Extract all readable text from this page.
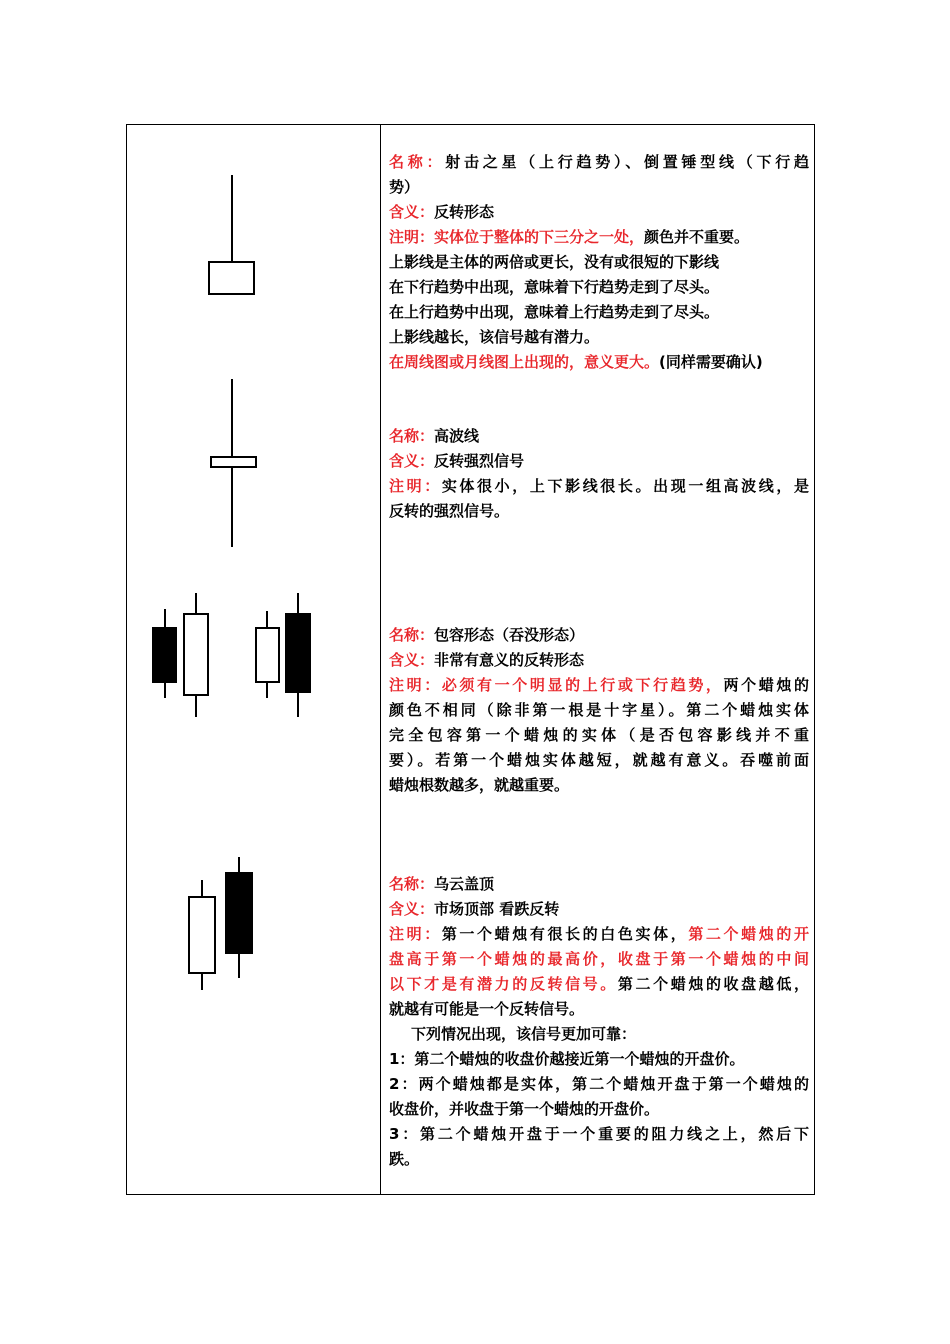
名称：射击之星（上行趋势）、倒置锤型线（下行趋
势）
含义：反转形态
注明：实体位于整体的下三分之一处，颜色并不重要。
上影线是主体的两倍或更长，没有或很短的下影线
在下行趋势中出现，意味着下行趋势走到了尽头。
在上行趋势中出现，意味着上行趋势走到了尽头。
上影线越长，该信号越有潜力。
在周线图或月线图上出现的，意义更大。(同样需要确认)
名称：高波线
含义：反转强烈信号
注明：实体很小，上下影线很长。出现一组高波线，是
反转的强烈信号。
名称：包容形态（吞没形态）
含义：非常有意义的反转形态
注明：必须有一个明显的上行或下行趋势，两个蜡烛的
颜色不相同（除非第一根是十字星）。第二个蜡烛实体
完全包容第一个蜡烛的实体（是否包容影线并不重
要）。若第一个蜡烛实体越短，就越有意义。吞噬前面
蜡烛根数越多，就越重要。
名称：乌云盖顶
含义：市场顶部 看跌反转
注明：第一个蜡烛有很长的白色实体，第二个蜡烛的开
盘高于第一个蜡烛的最高价，收盘于第一个蜡烛的中间
以下才是有潜力的反转信号。第二个蜡烛的收盘越低，
就越有可能是一个反转信号。
下列情况出现，该信号更加可靠：
1：第二个蜡烛的收盘价越接近第一个蜡烛的开盘价。
2：两个蜡烛都是实体，第二个蜡烛开盘于第一个蜡烛的
收盘价，并收盘于第一个蜡烛的开盘价。
3：第二个蜡烛开盘于一个重要的阻力线之上，然后下
跌。
